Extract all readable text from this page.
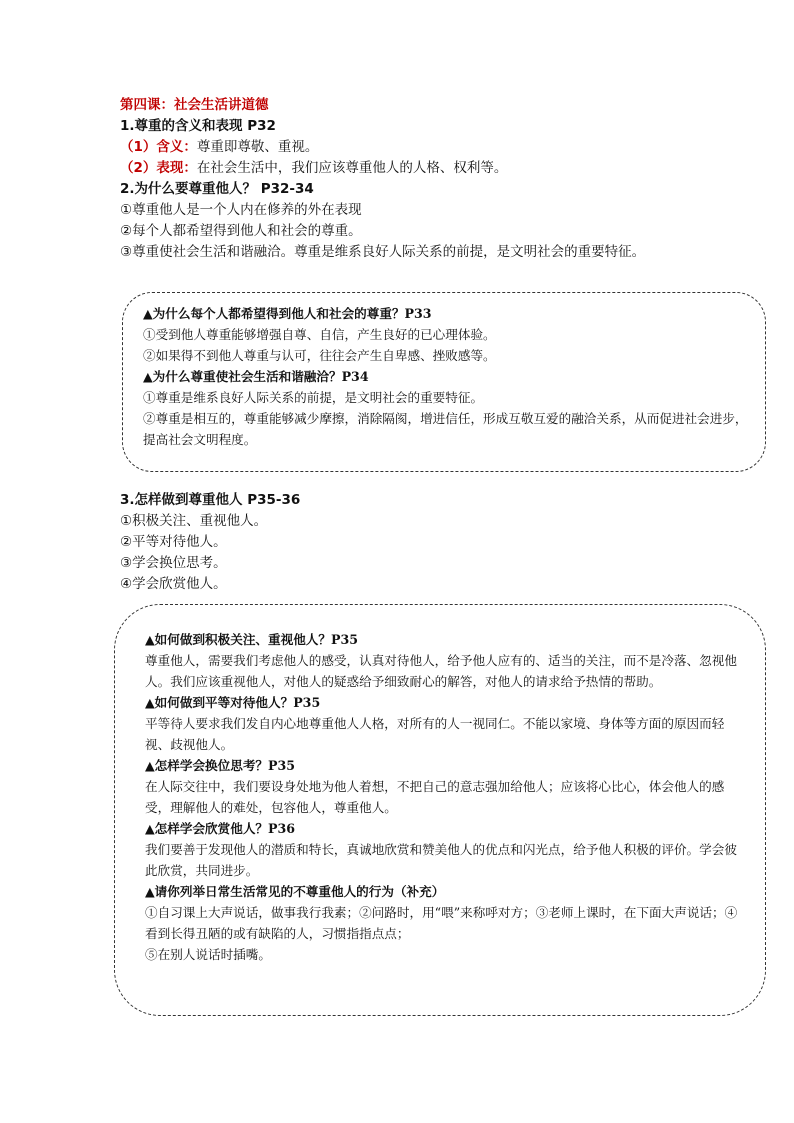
第四课：社会生活讲道德
1.尊重的含义和表现 P32
（1）含义：尊重即尊敬、重视。
（2）表现：在社会生活中，我们应该尊重他人的人格、权利等。
2.为什么要尊重他人？ P32-34
①尊重他人是一个人内在修养的外在表现
②每个人都希望得到他人和社会的尊重。
③尊重使社会生活和谐融洽。尊重是维系良好人际关系的前提，是文明社会的重要特征。
▲为什么每个人都希望得到他人和社会的尊重？P33
①受到他人尊重能够增强自尊、自信，产生良好的已心理体验。
②如果得不到他人尊重与认可，往往会产生自卑感、挫败感等。
▲为什么尊重使社会生活和谐融洽？P34
①尊重是维系良好人际关系的前提，是文明社会的重要特征。
②尊重是相互的，尊重能够减少摩擦，消除隔阂，增进信任，形成互敬互爱的融洽关系，从而促进社会进步，提高社会文明程度。
3.怎样做到尊重他人 P35-36
①积极关注、重视他人。
②平等对待他人。
③学会换位思考。
④学会欣赏他人。
▲如何做到积极关注、重视他人？P35
尊重他人，需要我们考虑他人的感受，认真对待他人，给予他人应有的、适当的关注，而不是冷落、忽视他人。我们应该重视他人，对他人的疑惑给予细致耐心的解答，对他人的请求给予热情的帮助。
▲如何做到平等对待他人？P35
平等待人要求我们发自内心地尊重他人人格，对所有的人一视同仁。不能以家境、身体等方面的原因而轻视、歧视他人。
▲怎样学会换位思考？P35
在人际交往中，我们要设身处地为他人着想，不把自己的意志强加给他人；应该将心比心，体会他人的感受，理解他人的难处，包容他人，尊重他人。
▲怎样学会欣赏他人？P36
我们要善于发现他人的潜质和特长，真诚地欣赏和赞美他人的优点和闪光点，给予他人积极的评价。学会彼此欣赏，共同进步。
▲请你列举日常生活常见的不尊重他人的行为（补充）
①自习课上大声说话，做事我行我素；②问路时，用“喂”来称呼对方；③老师上课时，在下面大声说话；④看到长得丑陋的或有缺陷的人，习惯指指点点；
⑤在别人说话时插嘴。
